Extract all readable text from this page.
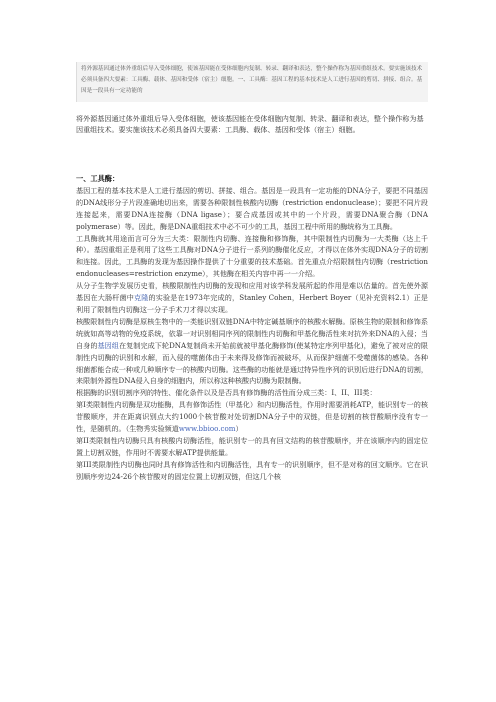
将外源基因通过体外重组后导入受体细胞，使该基因能在受体细胞内复制、转录、翻译和表达，整个操作称为基因重组技术。要实施该技术必须具备四大要素：工具酶、载体、基因和受体（宿主）细胞。一、工具酶：基因工程的基本技术是人工进行基因的剪切、拼接、组合。基因是一段具有一定功能的

将外源基因通过体外重组后导入受体细胞，使该基因能在受体细胞内复制、转录、翻译和表达，整个操作称为基因重组技术。要实施该技术必须具备四大要素：工具酶、载体、基因和受体（宿主）细胞。

一、工具酶：

基因工程的基本技术是人工进行基因的剪切、拼接、组合。基因是一段具有一定功能的DNA分子，要把不同基因的DNA线形分子片段准确地切出来，需要各种限制性核酸内切酶（restriction endonuclease）；要把不同片段连接起来，需要DNA连接酶（DNA ligase）；要合成基因或其中的一个片段，需要DNA聚合酶（DNA polymerase）等。因此，酶是DNA重组技术中必不可少的工具，基因工程中所用的酶统称为工具酶。

工具酶就其用途而言可分为三大类：限制性内切酶、连接酶和修饰酶，其中限制性内切酶为一大类酶（达上千种）。基因重组正是利用了这些工具酶对DNA分子进行一系列的酶催化反应，才得以在体外实现DNA分子的切割和连接。因此，工具酶的发现为基因操作提供了十分重要的技术基础。首先重点介绍限制性内切酶（restriction endonucleases=restriction enzyme），其他酶在相关内容中再一一介绍。

从分子生物学发展历史看，核酸限制性内切酶的发现和应用对该学科发展所起的作用是难以估量的。首先使外源基因在大肠杆菌中克隆的实验是在1973年完成的，Stanley Cohen，Herbert Boyer（见补充资料2.1）正是利用了限制性内切酶这一分子手术刀才得以实现。

核酸限制性内切酶是原核生物中的一类能识别双链DNA中特定碱基顺序的核酸水解酶。原核生物的限制和修饰系统就如高等动物的免疫系统，依靠一对识别相同序列的限制性内切酶和甲基化酶活性来对抗外来DNA的入侵；当自身的基因组在复制完成下轮DNA复制尚未开始前就被甲基化酶修饰(使某特定序列甲基化)，避免了被对应的限制性内切酶的识别和水解，而入侵的噬菌体由于未来得及修饰而被破坏，从而保护细菌不受噬菌体的感染。各种细菌都能合成一种或几种顺序专一的核酸内切酶。这些酶的功能就是通过特异性序列的识别后进行DNA的切割，来限制外源性DNA侵入自身的细胞内，所以称这种核酸内切酶为限制酶。

根据酶的识别切割序列的特性、催化条件以及是否具有修饰酶的活性而分成三类：I、II、III类：

第I类限制性内切酶是双功能酶，具有修饰活性（甲基化）和内切酶活性，作用时需要消耗ATP，能识别专一的核苷酸顺序，并在距离识别点大约1000个核苷酸对处切割DNA分子中的双链，但是切割的核苷酸顺序没有专一性，是随机的。（生物秀实验频道www.bbioo.com）

第II类限制性内切酶只具有核酸内切酶活性，能识别专一的具有回文结构的核苷酸顺序，并在该顺序内的固定位置上切割双链，作用时不需要水解ATP提供能量。

第III类限制性内切酶也同时具有修饰活性和内切酶活性，具有专一的识别顺序，但不是对称的回文顺序。它在识别顺序旁边24-26个核苷酸对的固定位置上切割双链，但这几个核
